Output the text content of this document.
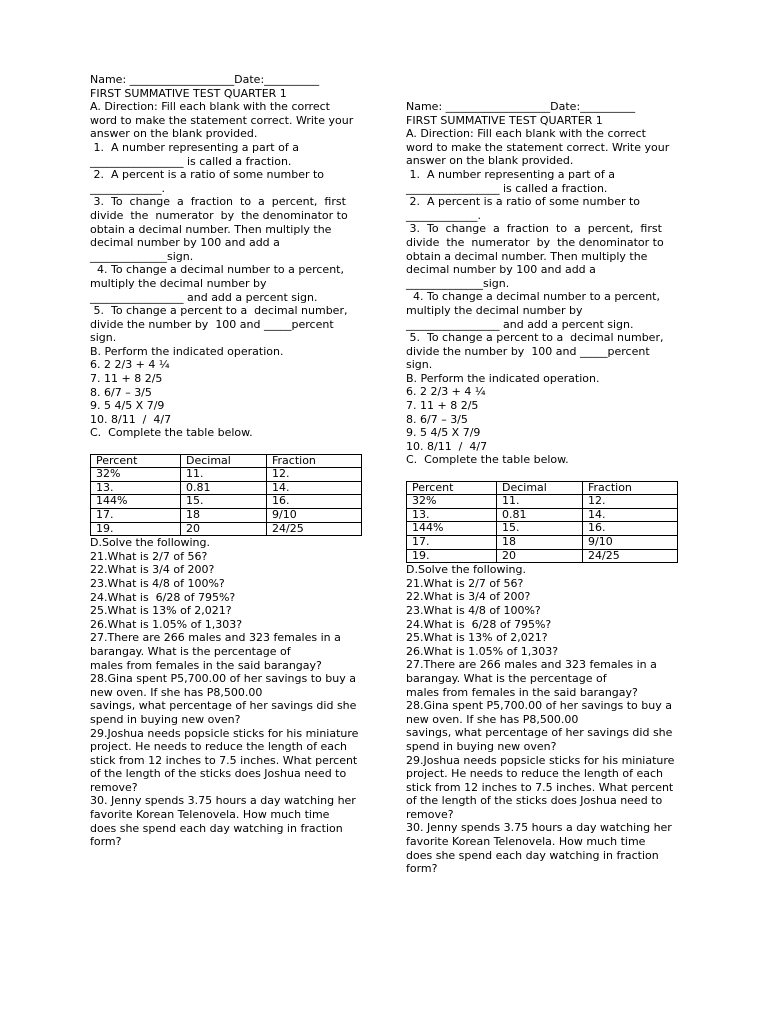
Name: ___________________Date:__________
FIRST SUMMATIVE TEST QUARTER 1
A. Direction: Fill each blank with the correct
word to make the statement correct. Write your
answer on the blank provided.
1.  A number representing a part of a
_________________ is called a fraction.
2.  A percent is a ratio of some number to
_____________.
3.  To  change  a  fraction  to  a  percent,  first
divide  the  numerator  by  the denominator to
obtain a decimal number. Then multiply the
decimal number by 100 and add a
______________sign.
4. To change a decimal number to a percent,
multiply the decimal number by
_________________ and add a percent sign.
5.  To change a percent to a  decimal number,
divide the number by  100 and _____percent
sign.
B. Perform the indicated operation.
6. 2 2/3 + 4 ¼
7. 11 + 8 2/5
8. 6/7 – 3/5
9. 5 4/5 X 7/9
10. 8/11  /  4/7
C.  Complete the table below.
Percent	Decimal	Fraction
32%	11.	12.
13.	0.81	14.
144%	15.	16.
17.	18	9/10
19.	20	24/25
D.Solve the following.
21.What is 2/7 of 56?
22.What is 3/4 of 200?
23.What is 4/8 of 100%?
24.What is  6/28 of 795%?
25.What is 13% of 2,021?
26.What is 1.05% of 1,303?
27.There are 266 males and 323 females in a
barangay. What is the percentage of
males from females in the said barangay?
28.Gina spent P5,700.00 of her savings to buy a
new oven. If she has P8,500.00
savings, what percentage of her savings did she
spend in buying new oven?
29.Joshua needs popsicle sticks for his miniature
project. He needs to reduce the length of each
stick from 12 inches to 7.5 inches. What percent
of the length of the sticks does Joshua need to
remove?
30. Jenny spends 3.75 hours a day watching her
favorite Korean Telenovela. How much time
does she spend each day watching in fraction
form?
Name: ___________________Date:__________
FIRST SUMMATIVE TEST QUARTER 1
A. Direction: Fill each blank with the correct
word to make the statement correct. Write your
answer on the blank provided.
1.  A number representing a part of a
_________________ is called a fraction.
2.  A percent is a ratio of some number to
_____________.
3.  To  change  a  fraction  to  a  percent,  first
divide  the  numerator  by  the denominator to
obtain a decimal number. Then multiply the
decimal number by 100 and add a
______________sign.
4. To change a decimal number to a percent,
multiply the decimal number by
_________________ and add a percent sign.
5.  To change a percent to a  decimal number,
divide the number by  100 and _____percent
sign.
B. Perform the indicated operation.
6. 2 2/3 + 4 ¼
7. 11 + 8 2/5
8. 6/7 – 3/5
9. 5 4/5 X 7/9
10. 8/11  /  4/7
C.  Complete the table below.
Percent	Decimal	Fraction
32%	11.	12.
13.	0.81	14.
144%	15.	16.
17.	18	9/10
19.	20	24/25
D.Solve the following.
21.What is 2/7 of 56?
22.What is 3/4 of 200?
23.What is 4/8 of 100%?
24.What is  6/28 of 795%?
25.What is 13% of 2,021?
26.What is 1.05% of 1,303?
27.There are 266 males and 323 females in a
barangay. What is the percentage of
males from females in the said barangay?
28.Gina spent P5,700.00 of her savings to buy a
new oven. If she has P8,500.00
savings, what percentage of her savings did she
spend in buying new oven?
29.Joshua needs popsicle sticks for his miniature
project. He needs to reduce the length of each
stick from 12 inches to 7.5 inches. What percent
of the length of the sticks does Joshua need to
remove?
30. Jenny spends 3.75 hours a day watching her
favorite Korean Telenovela. How much time
does she spend each day watching in fraction
form?
